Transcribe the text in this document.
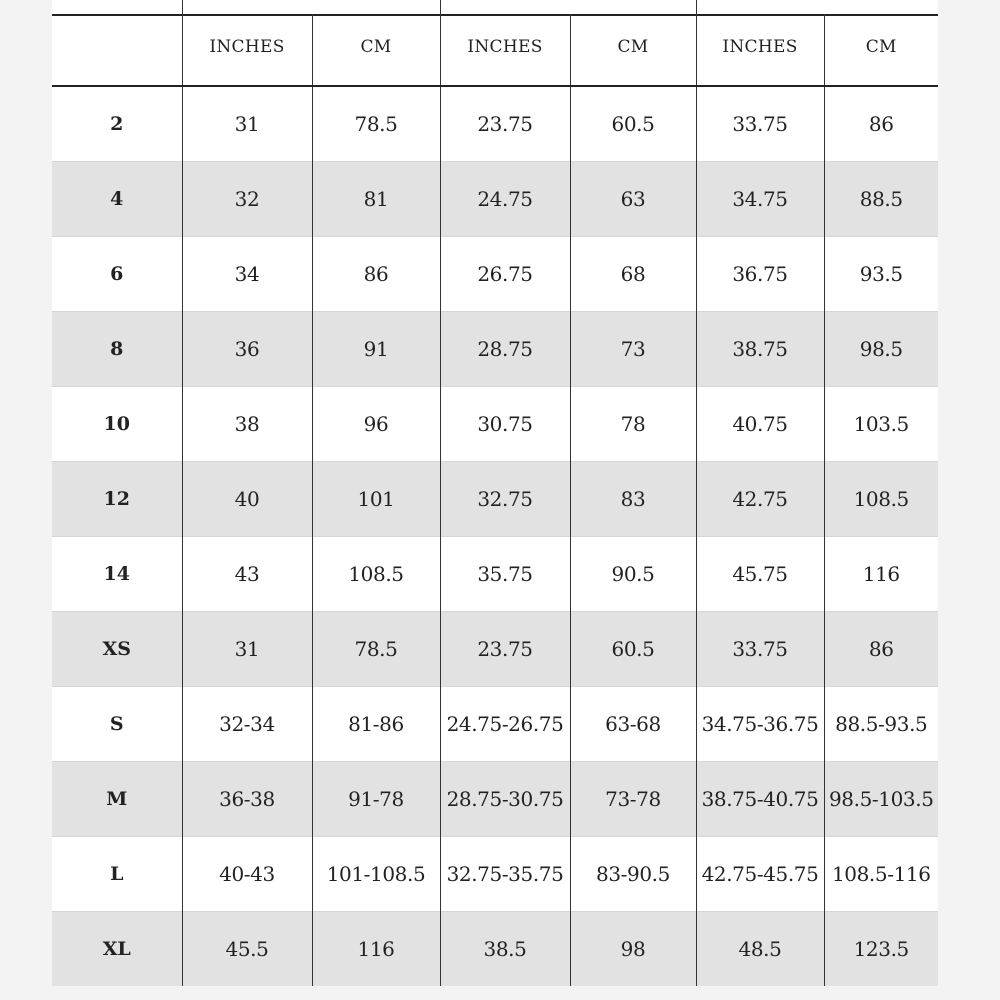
	INCHES	CM	INCHES	CM	INCHES	CM
2	31	78.5	23.75	60.5	33.75	86
4	32	81	24.75	63	34.75	88.5
6	34	86	26.75	68	36.75	93.5
8	36	91	28.75	73	38.75	98.5
10	38	96	30.75	78	40.75	103.5
12	40	101	32.75	83	42.75	108.5
14	43	108.5	35.75	90.5	45.75	116
XS	31	78.5	23.75	60.5	33.75	86
S	32-34	81-86	24.75-26.75	63-68	34.75-36.75	88.5-93.5
M	36-38	91-78	28.75-30.75	73-78	38.75-40.75	98.5-103.5
L	40-43	101-108.5	32.75-35.75	83-90.5	42.75-45.75	108.5-116
XL	45.5	116	38.5	98	48.5	123.5
